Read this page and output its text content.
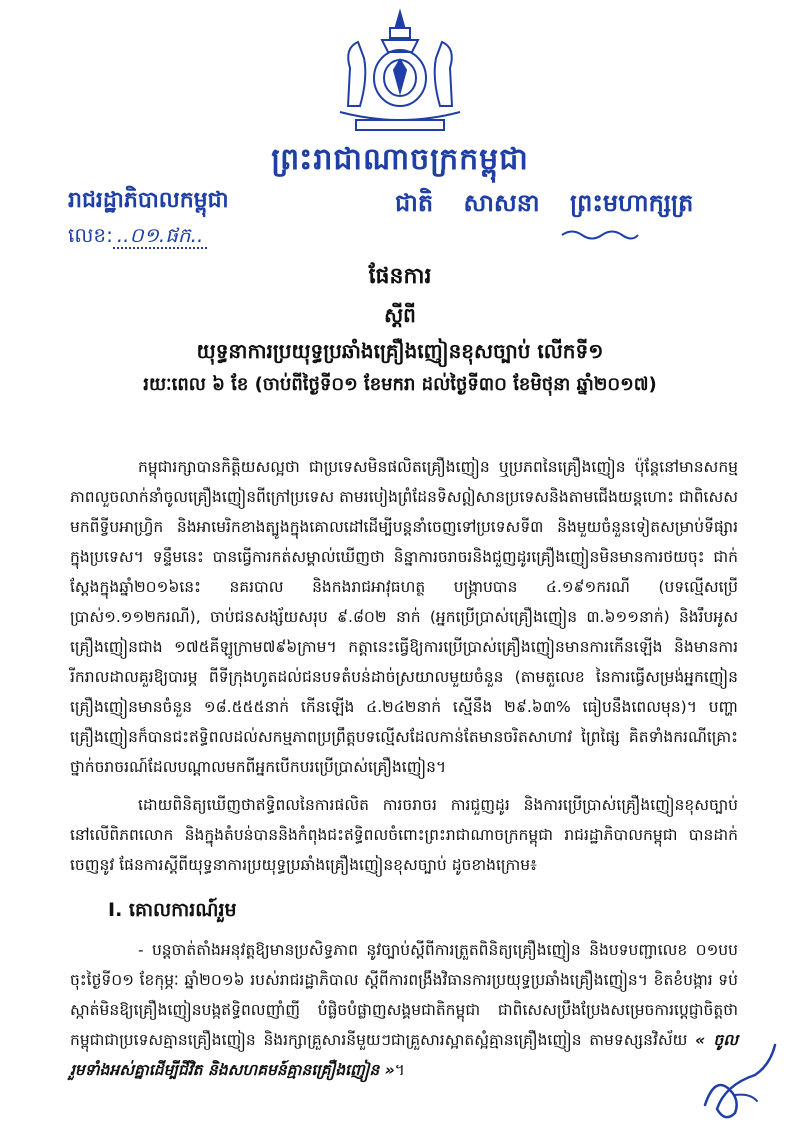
ព្រះរាជាណាចក្រកម្ពុជា
រាជរដ្ឋាភិបាលកម្ពុជា	ជាតិ សាសនា ព្រះមហាក្សត្រ
លេខ: ..០១.ផក..
ផែនការ
ស្តីពី
យុទ្ធនាការប្រយុទ្ធប្រឆាំងគ្រឿងញៀនខុសច្បាប់ លើកទី១
រយៈពេល ៦ ខែ (ចាប់ពីថ្ងៃទី០១ ខែមករា ដល់ថ្ងៃទី៣០ ខែមិថុនា ឆ្នាំ២០១៧)
កម្ពុជារក្សាបានកិត្តិយសល្អថា ជាប្រទេសមិនផលិតគ្រឿងញៀន ឬប្រភពនៃគ្រឿងញៀន ប៉ុន្តែនៅមានសកម្មភាពលួចលាក់នាំចូលគ្រឿងញៀនពីក្រៅប្រទេស តាមរបៀងព្រំដែនទិសឦសានប្រទេសនិងតាមជើងយន្តហោះ ជាពិសេសមកពីទ្វីបអាហ្វ្រិក និងអាមេរិកខាងត្បូងក្នុងគោលដៅដើម្បីបន្តនាំចេញទៅប្រទេសទី៣ និងមួយចំនួនទៀតសម្រាប់ទីផ្សារក្នុងប្រទេស។ ទន្ទឹមនេះ បានធ្វើការកត់សម្គាល់ឃើញថា និន្នាការចរាចរនិងជួញដូរគ្រឿងញៀនមិនមានការថយចុះ ជាក់ស្តែងក្នុងឆ្នាំ២០១៦នេះ នគរបាល និងកងរាជអាវុធហត្ថ បង្ក្រាបបាន ៤.១៩១ករណី (បទល្មើសប្រើប្រាស់១.១១២ករណី), ចាប់ជនសង្ស័យសរុប ៩.៨០២ នាក់ (អ្នកប្រើប្រាស់គ្រឿងញៀន ៣.៦១១នាក់) និងរឹបអូសគ្រឿងញៀនជាង ១៧៥គីឡូក្រាម៧៩៦ក្រាម។ កត្តានេះធ្វើឱ្យការប្រើប្រាស់គ្រឿងញៀនមានការកើនឡើង និងមានការរីករាលដាលគួរឱ្យបារម្ភ ពីទីក្រុងហូតដល់ជនបទតំបន់ដាច់ស្រយាលមួយចំនួន (តាមតួលេខ នៃការធ្វើសម្រង់អ្នកញៀនគ្រឿងញៀនមានចំនួន ១៨.៥៥៥នាក់ កើនឡើង ៤.២៤២នាក់ ស្មើនឹង ២៩.៦៣% ធៀបនឹងពេលមុន)។ បញ្ហាគ្រឿងញៀនក៏បានជះឥទ្ធិពលដល់សកម្មភាពប្រព្រឹត្តបទល្មើសដែលកាន់តែមានចរិតសាហាវ ព្រៃផ្សៃ គិតទាំងករណីគ្រោះថ្នាក់ចរាចរណ៍ដែលបណ្តាលមកពីអ្នកបើកបរប្រើប្រាស់គ្រឿងញៀន។
ដោយពិនិត្យឃើញថាឥទ្ធិពលនៃការផលិត ការចរាចរ ការជួញដូរ និងការប្រើប្រាស់គ្រឿងញៀនខុសច្បាប់នៅលើពិភពលោក និងក្នុងតំបន់បាននិងកំពុងជះឥទ្ធិពលចំពោះព្រះរាជាណាចក្រកម្ពុជា រាជរដ្ឋាភិបាលកម្ពុជា បានដាក់ចេញនូវ ផែនការស្តីពីយុទ្ធនាការប្រយុទ្ធប្រឆាំងគ្រឿងញៀនខុសច្បាប់ ដូចខាងក្រោម៖
I. គោលការណ៍រួម
- បន្តចាត់តាំងអនុវត្តឱ្យមានប្រសិទ្ធភាព នូវច្បាប់ស្តីពីការត្រួតពិនិត្យគ្រឿងញៀន និងបទបញ្ជាលេខ ០១បប ចុះថ្ងៃទី០១ ខែកុម្ភៈ ឆ្នាំ២០១៦ របស់រាជរដ្ឋាភិបាល ស្តីពីការពង្រឹងវិធានការប្រយុទ្ធប្រឆាំងគ្រឿងញៀន។ ខិតខំបង្ការ ទប់ស្កាត់មិនឱ្យគ្រឿងញៀនបង្កឥទ្ធិពលញាំញី បំផ្លិចបំផ្លាញសង្គមជាតិកម្ពុជា ជាពិសេសប្រឹងប្រែងសម្រេចការប្តេជ្ញាចិត្តថា កម្ពុជាជាប្រទេសគ្មានគ្រឿងញៀន និងរក្សាគ្រួសារនីមួយៗជាគ្រួសារស្អាតស្អំគ្មានគ្រឿងញៀន តាមទស្សនវិស័យ « ចូលរួមទាំងអស់គ្នាដើម្បីជីវិត និងសហគមន៍គ្មានគ្រឿងញៀន »។
